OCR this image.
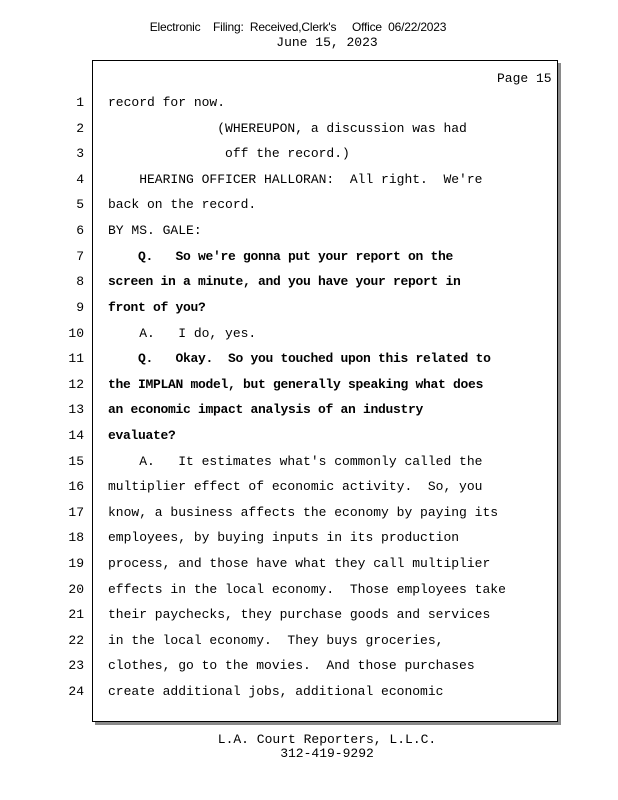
Electronic    Filing:  Received,Clerk's     Office  06/22/2023
June 15, 2023
Page 15
1
2
3
4
5
6
7
8
9
10
11
12
13
14
15
16
17
18
19
20
21
22
23
24
record for now.
(WHEREUPON, a discussion was had
off the record.)
HEARING OFFICER HALLORAN:  All right.  We're
back on the record.
BY MS. GALE:
Q.   So we're gonna put your report on the
screen in a minute, and you have your report in
front of you?
A.   I do, yes.
Q.   Okay.  So you touched upon this related to
the IMPLAN model, but generally speaking what does
an economic impact analysis of an industry
evaluate?
A.   It estimates what's commonly called the
multiplier effect of economic activity.  So, you
know, a business affects the economy by paying its
employees, by buying inputs in its production
process, and those have what they call multiplier
effects in the local economy.  Those employees take
their paychecks, they purchase goods and services
in the local economy.  They buys groceries,
clothes, go to the movies.  And those purchases
create additional jobs, additional economic
L.A. Court Reporters, L.L.C.
312-419-9292
